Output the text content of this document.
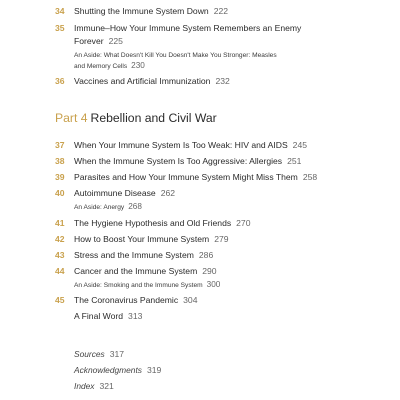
34	Shutting the Immune System Down 222
35	Immune–How Your Immune System Remembers an Enemy
Forever 225
An Aside: What Doesn't Kill You Doesn't Make You Stronger: Measles
and Memory Cells 230
36	Vaccines and Artificial Immunization 232
Part 4 Rebellion and Civil War
37	When Your Immune System Is Too Weak: HIV and AIDS 245
38	When the Immune System Is Too Aggressive: Allergies 251
39	Parasites and How Your Immune System Might Miss Them 258
40	Autoimmune Disease 262
An Aside: Anergy 268
41	The Hygiene Hypothesis and Old Friends 270
42	How to Boost Your Immune System 279
43	Stress and the Immune System 286
44	Cancer and the Immune System 290
An Aside: Smoking and the Immune System 300
45	The Coronavirus Pandemic 304
A Final Word 313
Sources 317
Acknowledgments 319
Index 321
